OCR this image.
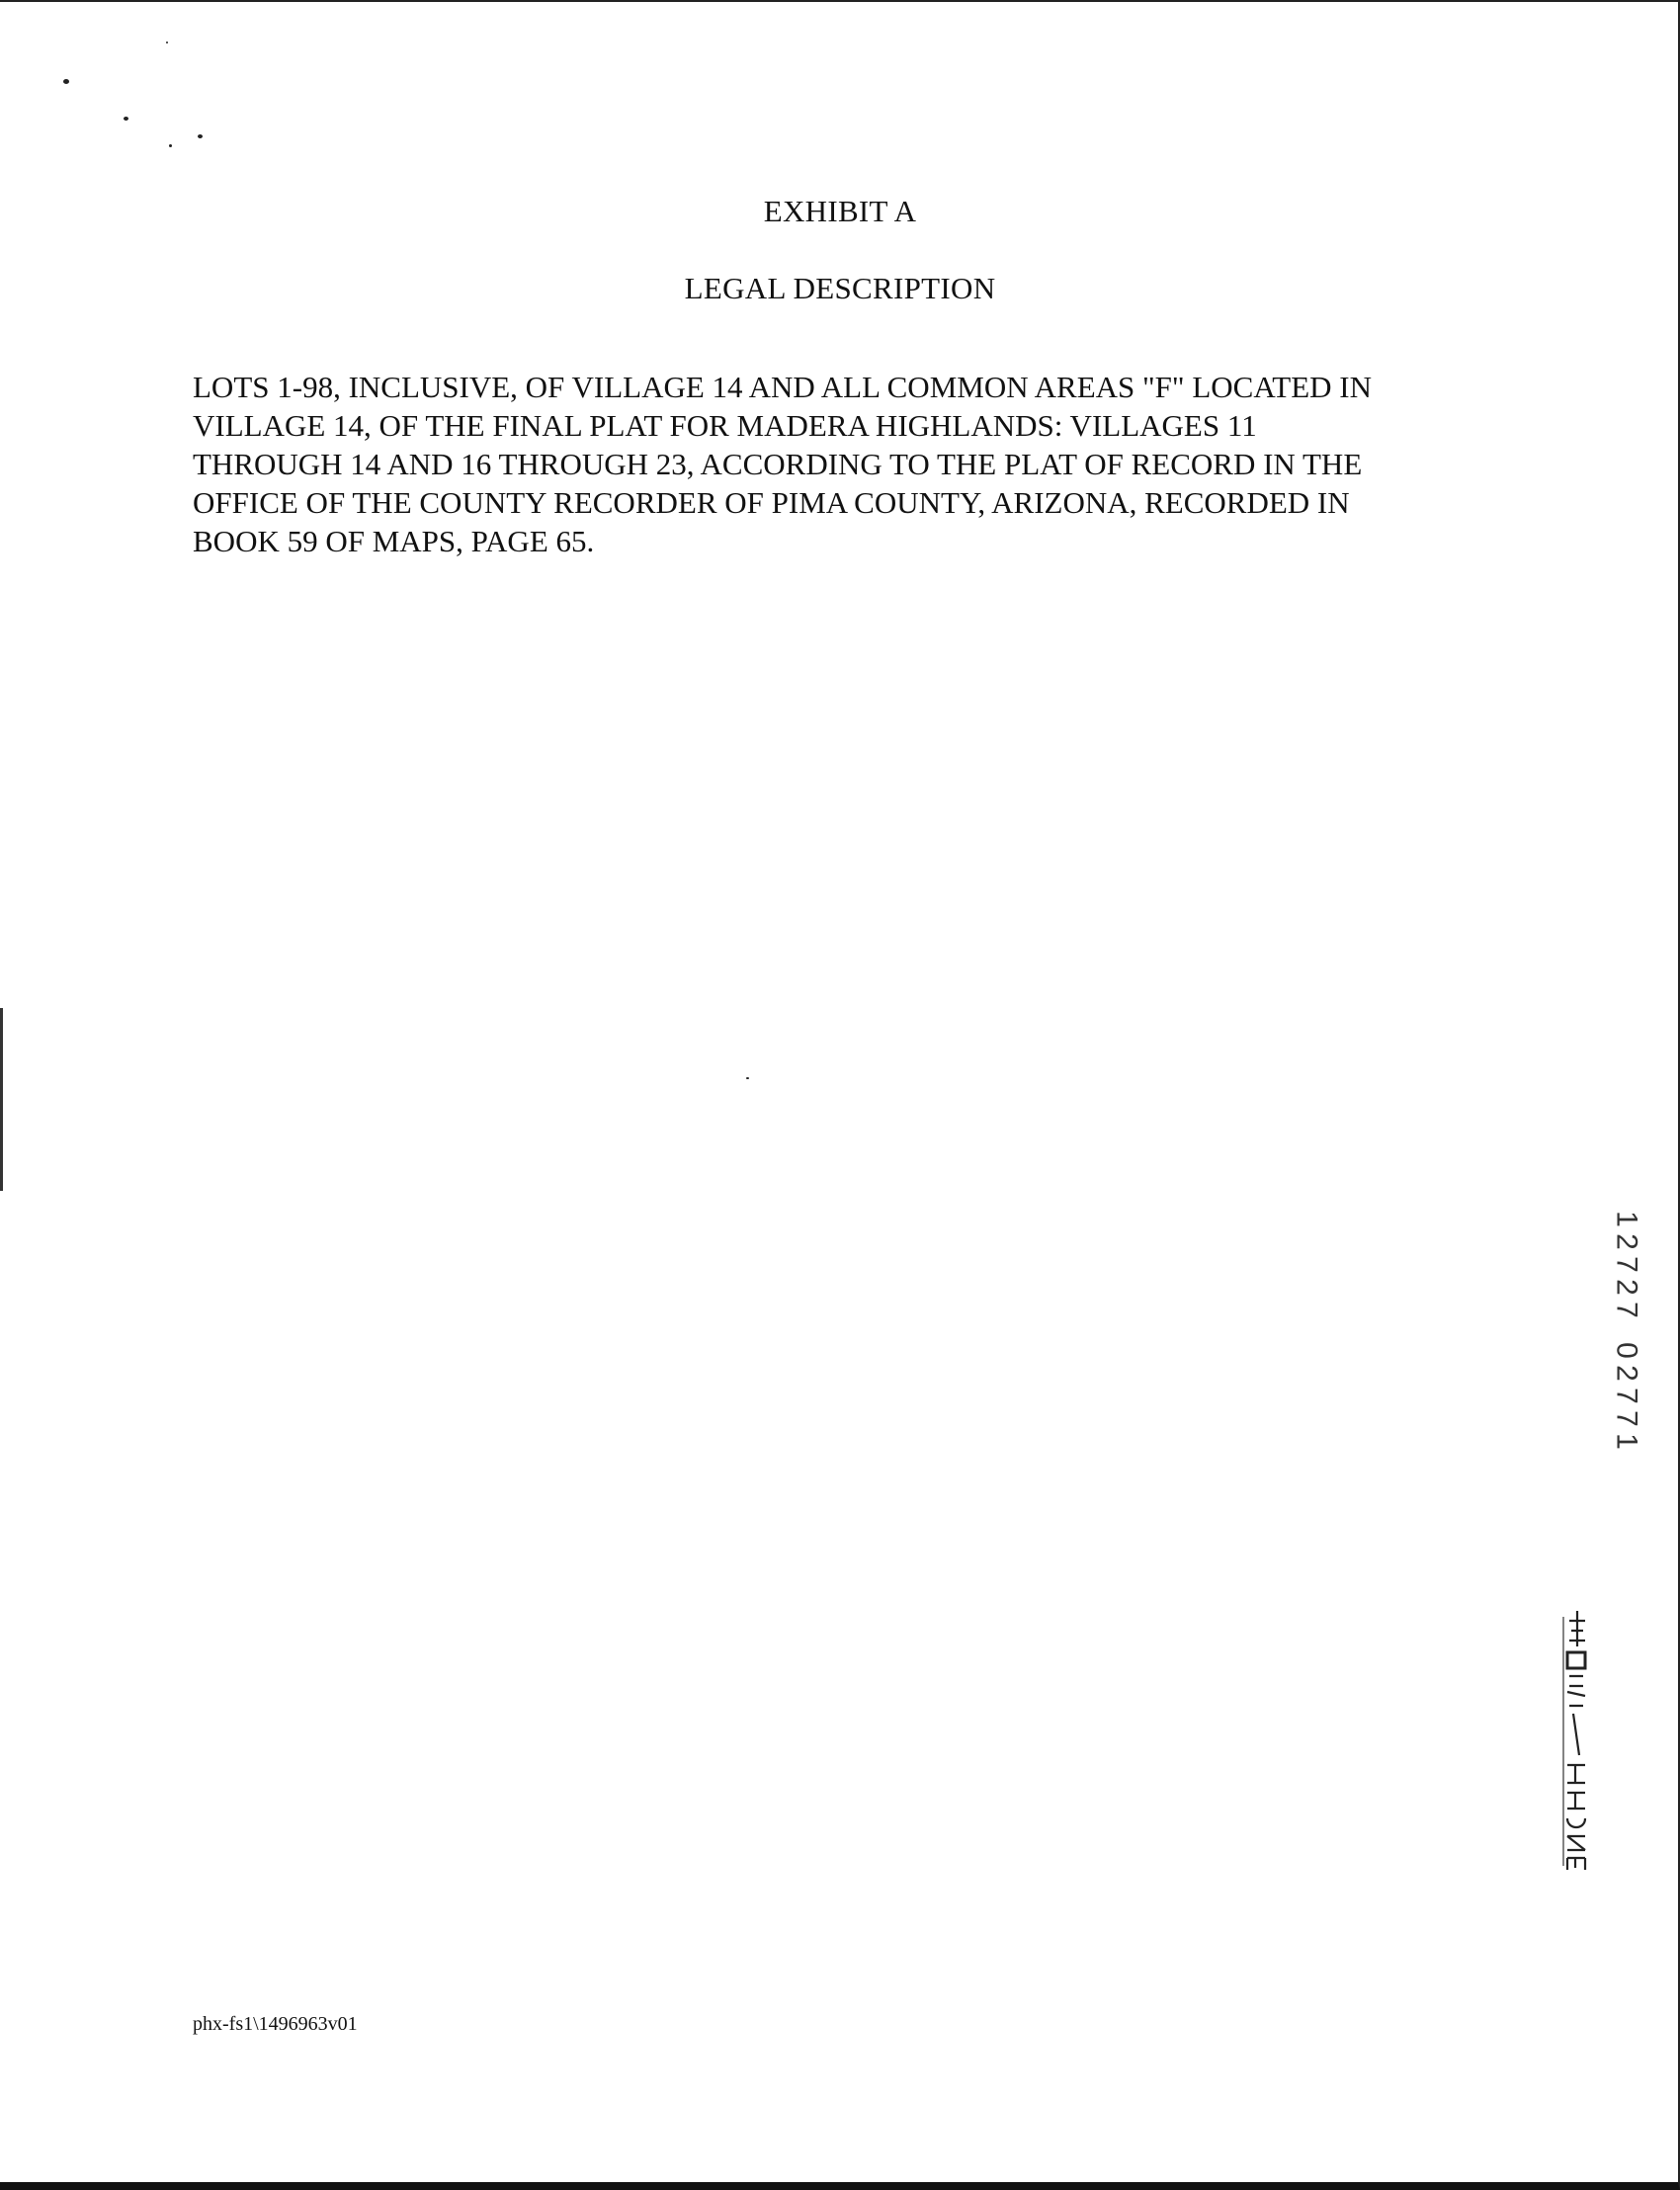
EXHIBIT A
LEGAL DESCRIPTION
LOTS 1-98, INCLUSIVE, OF VILLAGE 14 AND ALL COMMON AREAS "F" LOCATED IN
VILLAGE 14, OF THE FINAL PLAT FOR MADERA HIGHLANDS: VILLAGES 11
THROUGH 14 AND 16 THROUGH 23, ACCORDING TO THE PLAT OF RECORD IN THE
OFFICE OF THE COUNTY RECORDER OF PIMA COUNTY, ARIZONA, RECORDED IN
BOOK 59 OF MAPS, PAGE 65.
1
2
7
2
7
0
2
7
7
1
phx-fs1\1496963v01
